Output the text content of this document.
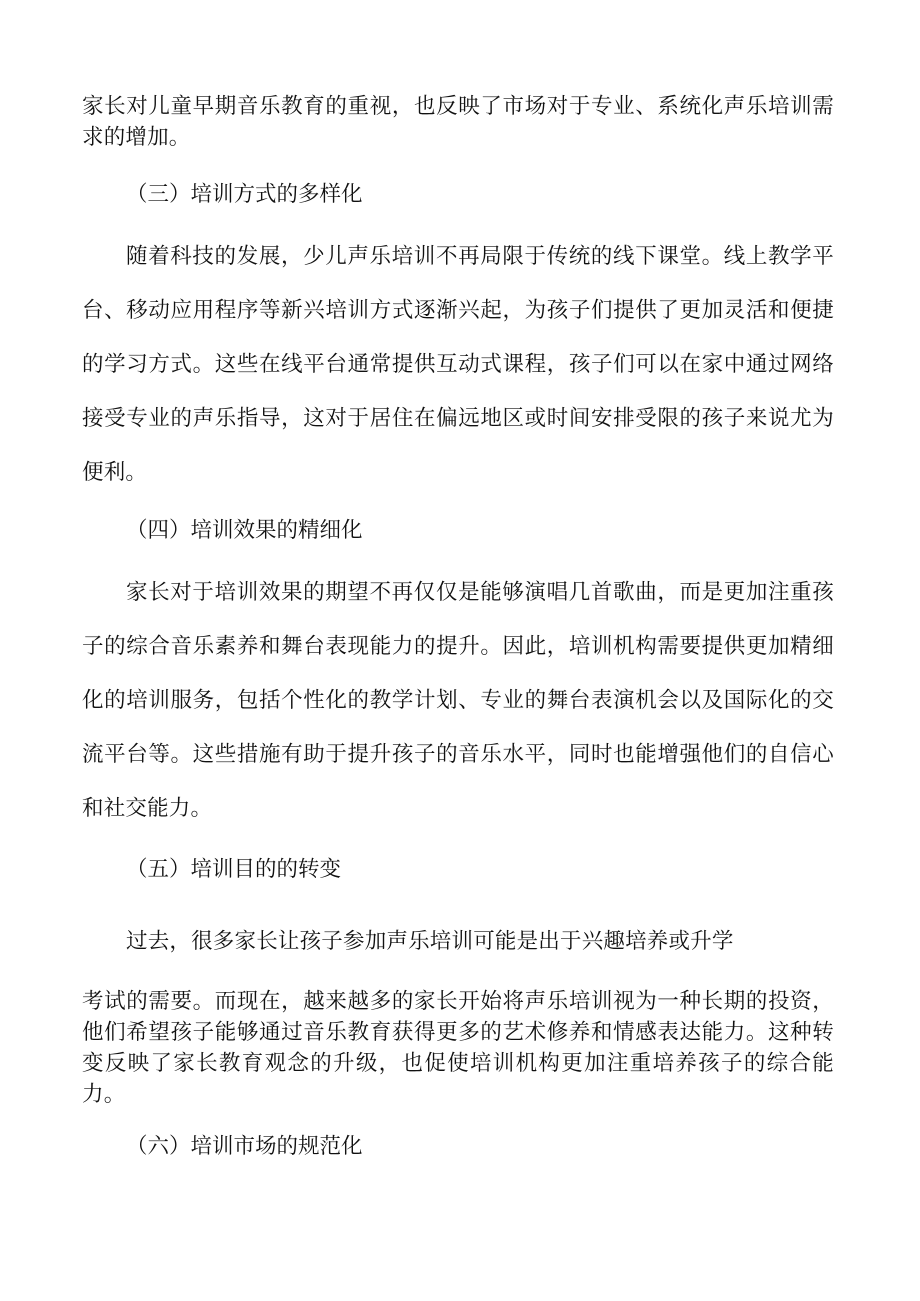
家长对儿童早期音乐教育的重视，也反映了市场对于专业、系统化声乐培训需求的增加。

（三）培训方式的多样化

随着科技的发展，少儿声乐培训不再局限于传统的线下课堂。线上教学平台、移动应用程序等新兴培训方式逐渐兴起，为孩子们提供了更加灵活和便捷的学习方式。这些在线平台通常提供互动式课程，孩子们可以在家中通过网络接受专业的声乐指导，这对于居住在偏远地区或时间安排受限的孩子来说尤为便利。

（四）培训效果的精细化

家长对于培训效果的期望不再仅仅是能够演唱几首歌曲，而是更加注重孩子的综合音乐素养和舞台表现能力的提升。因此，培训机构需要提供更加精细化的培训服务，包括个性化的教学计划、专业的舞台表演机会以及国际化的交流平台等。这些措施有助于提升孩子的音乐水平，同时也能增强他们的自信心和社交能力。

（五）培训目的的转变

过去，很多家长让孩子参加声乐培训可能是出于兴趣培养或升学

考试的需要。而现在，越来越多的家长开始将声乐培训视为一种长期的投资，他们希望孩子能够通过音乐教育获得更多的艺术修养和情感表达能力。这种转变反映了家长教育观念的升级，也促使培训机构更加注重培养孩子的综合能力。

（六）培训市场的规范化
